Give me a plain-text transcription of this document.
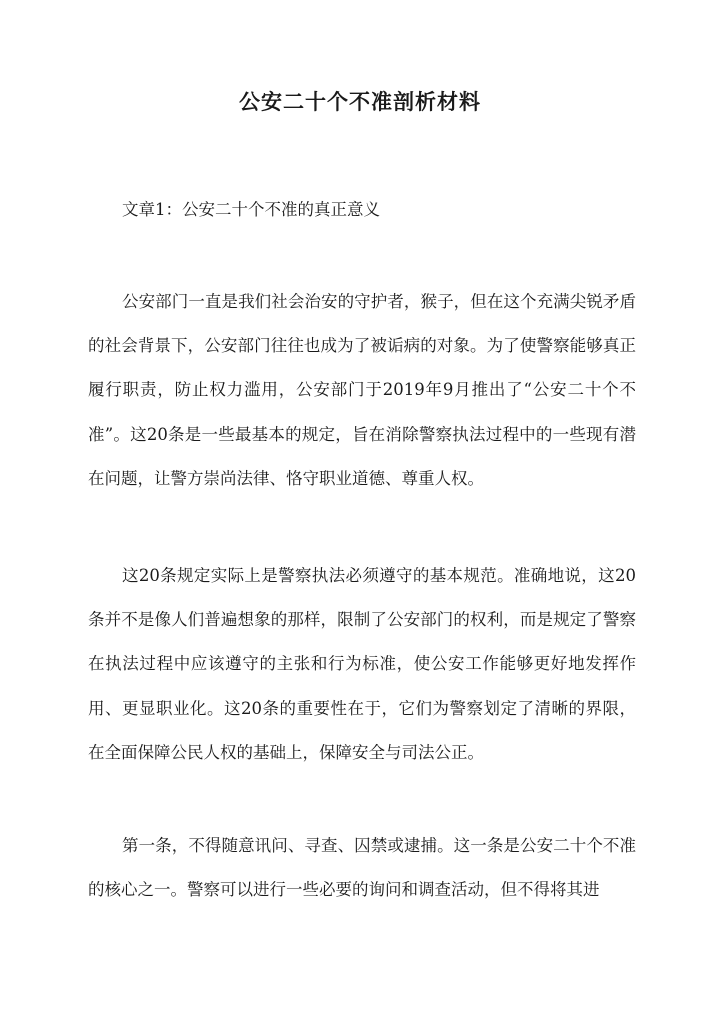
公安二十个不准剖析材料
文章1：公安二十个不准的真正意义

公安部门一直是我们社会治安的守护者，猴子，但在这个充满尖锐矛盾的社会背景下，公安部门往往也成为了被诟病的对象。为了使警察能够真正履行职责，防止权力滥用，公安部门于2019年9月推出了“公安二十个不准”。这20条是一些最基本的规定，旨在消除警察执法过程中的一些现有潜在问题，让警方崇尚法律、恪守职业道德、尊重人权。

这20条规定实际上是警察执法必须遵守的基本规范。准确地说，这20条并不是像人们普遍想象的那样，限制了公安部门的权利，而是规定了警察在执法过程中应该遵守的主张和行为标准，使公安工作能够更好地发挥作用、更显职业化。这20条的重要性在于，它们为警察划定了清晰的界限，在全面保障公民人权的基础上，保障安全与司法公正。

第一条，不得随意讯问、寻查、囚禁或逮捕。这一条是公安二十个不准的核心之一。警察可以进行一些必要的询问和调查活动，但不得将其进
